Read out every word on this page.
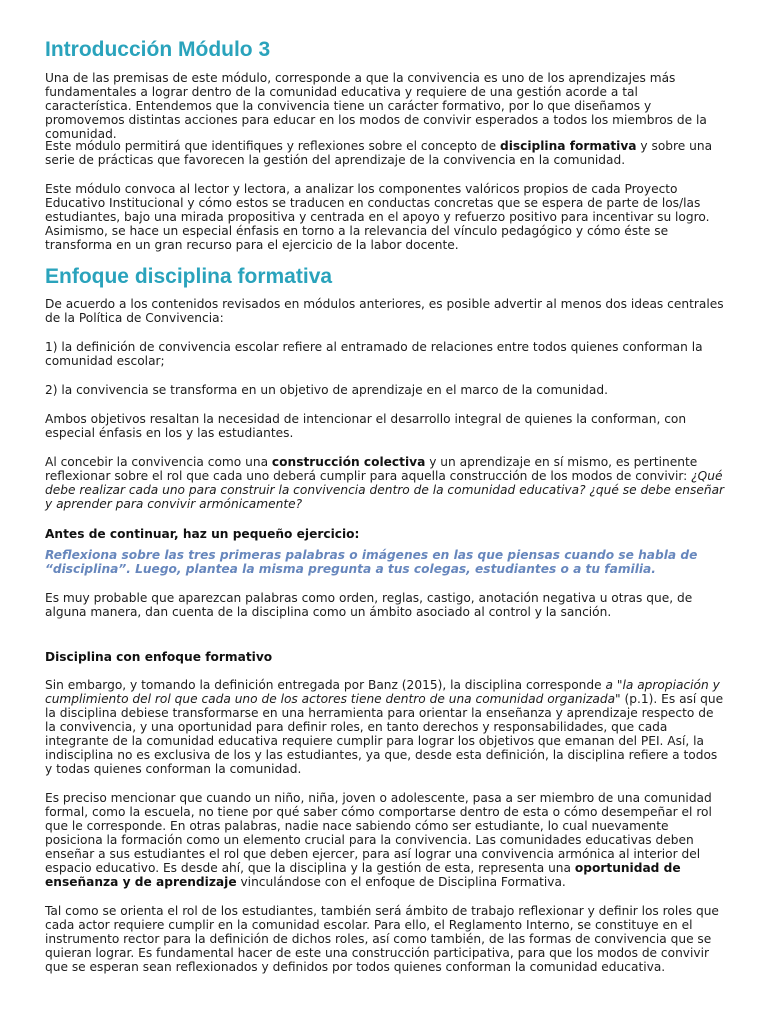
Introducción Módulo 3

Una de las premisas de este módulo, corresponde a que la convivencia es uno de los aprendizajes más fundamentales a lograr dentro de la comunidad educativa y requiere de una gestión acorde a tal característica. Entendemos que la convivencia tiene un carácter formativo, por lo que diseñamos y promovemos distintas acciones para educar en los modos de convivir esperados a todos los miembros de la comunidad.

Este módulo permitirá que identifiques y reflexiones sobre el concepto de disciplina formativa y sobre una serie de prácticas que favorecen la gestión del aprendizaje de la convivencia en la comunidad.

Este módulo convoca al lector y lectora, a analizar los componentes valóricos propios de cada Proyecto Educativo Institucional y cómo estos se traducen en conductas concretas que se espera de parte de los/las estudiantes, bajo una mirada propositiva y centrada en el apoyo y refuerzo positivo para incentivar su logro. Asimismo, se hace un especial énfasis en torno a la relevancia del vínculo pedagógico y cómo éste se transforma en un gran recurso para el ejercicio de la labor docente.

Enfoque disciplina formativa

De acuerdo a los contenidos revisados en módulos anteriores, es posible advertir al menos dos ideas centrales de la Política de Convivencia:

1) la definición de convivencia escolar refiere al entramado de relaciones entre todos quienes conforman la comunidad escolar;

2) la convivencia se transforma en un objetivo de aprendizaje en el marco de la comunidad.

Ambos objetivos resaltan la necesidad de intencionar el desarrollo integral de quienes la conforman, con especial énfasis en los y las estudiantes.

Al concebir la convivencia como una construcción colectiva y un aprendizaje en sí mismo, es pertinente reflexionar sobre el rol que cada uno deberá cumplir para aquella construcción de los modos de convivir: ¿Qué debe realizar cada uno para construir la convivencia dentro de la comunidad educativa? ¿qué se debe enseñar y aprender para convivir armónicamente?

Antes de continuar, haz un pequeño ejercicio:

Reflexiona sobre las tres primeras palabras o imágenes en las que piensas cuando se habla de “disciplina”. Luego, plantea la misma pregunta a tus colegas, estudiantes o a tu familia.

Es muy probable que aparezcan palabras como orden, reglas, castigo, anotación negativa u otras que, de alguna manera, dan cuenta de la disciplina como un ámbito asociado al control y la sanción.

Disciplina con enfoque formativo

Sin embargo, y tomando la definición entregada por Banz (2015), la disciplina corresponde a "la apropiación y cumplimiento del rol que cada uno de los actores tiene dentro de una comunidad organizada" (p.1). Es así que la disciplina debiese transformarse en una herramienta para orientar la enseñanza y aprendizaje respecto de la convivencia, y una oportunidad para definir roles, en tanto derechos y responsabilidades, que cada integrante de la comunidad educativa requiere cumplir para lograr los objetivos que emanan del PEI. Así, la indisciplina no es exclusiva de los y las estudiantes, ya que, desde esta definición, la disciplina refiere a todos y todas quienes conforman la comunidad.

Es preciso mencionar que cuando un niño, niña, joven o adolescente, pasa a ser miembro de una comunidad formal, como la escuela, no tiene por qué saber cómo comportarse dentro de esta o cómo desempeñar el rol que le corresponde. En otras palabras, nadie nace sabiendo cómo ser estudiante, lo cual nuevamente posiciona la formación como un elemento crucial para la convivencia. Las comunidades educativas deben enseñar a sus estudiantes el rol que deben ejercer, para así lograr una convivencia armónica al interior del espacio educativo. Es desde ahí, que la disciplina y la gestión de esta, representa una oportunidad de enseñanza y de aprendizaje vinculándose con el enfoque de Disciplina Formativa.

Tal como se orienta el rol de los estudiantes, también será ámbito de trabajo reflexionar y definir los roles que cada actor requiere cumplir en la comunidad escolar. Para ello, el Reglamento Interno, se constituye en el instrumento rector para la definición de dichos roles, así como también, de las formas de convivencia que se quieran lograr. Es fundamental hacer de este una construcción participativa, para que los modos de convivir que se esperan sean reflexionados y definidos por todos quienes conforman la comunidad educativa.
